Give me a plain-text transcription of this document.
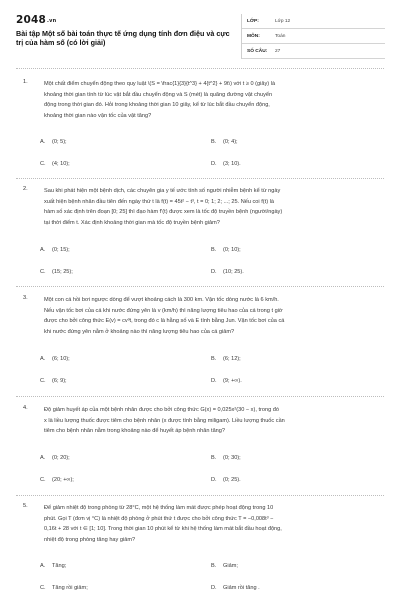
2048.vn
Bài tập Một số bài toán thực tế ứng dụng tính đơn điệu và cực trị của hàm số (có lời giải)
LỚP:	Lớp 12
MÔN:	Toán
SỐ CÂU:	27
1.	Một chất điểm chuyển động theo quy luật \(S = \frac{1}{3}{t^3} + 4{t^2} + 9t\) với t ≥ 0 (giây) là
khoảng thời gian tính từ lúc vật bắt đầu chuyển động và S (mét) là quãng đường vật chuyển
động trong thời gian đó. Hỏi trong khoảng thời gian 10 giây, kể từ lúc bắt đầu chuyển động,
khoảng thời gian nào vận tốc của vật tăng?
A. (0; 5);	B. (0; 4);
C. (4; 10);	D. (3; 10).
2.	Sau khi phát hiện một bệnh dịch, các chuyên gia y tế ước tính số người nhiễm bệnh kể từ ngày
xuất hiện bệnh nhân đầu tiên đến ngày thứ t là f(t) = 45t² − t³, t = 0; 1; 2; ...; 25. Nếu coi f(t) là
hàm số xác định trên đoạn [0; 25] thì đạo hàm f'(t) được xem là tốc độ truyền bệnh (người/ngày)
tại thời điểm t. Xác định khoảng thời gian mà tốc độ truyền bệnh giảm?
A. (0; 15);	B. (0; 10);
C. (15; 25);	D. (10; 25).
3.	Một con cá hồi bơi ngược dòng để vượt khoảng cách là 300 km. Vận tốc dòng nước là 6 km/h.
Nếu vận tốc bơi của cá khi nước đứng yên là v (km/h) thì năng lượng tiêu hao của cá trong t giờ
được cho bởi công thức E(v) = cv³t, trong đó c là hằng số và E tính bằng Jun. Vận tốc bơi của cá
khi nước đứng yên nằm ở khoảng nào thì năng lượng tiêu hao của cá giảm?
A. (6; 10);	B. (6; 12);
C. (6; 9);	D. (9; +∞).
4.	Độ giảm huyết áp của một bệnh nhân được cho bởi công thức G(x) = 0,025x²(30 − x), trong đó
x là liều lượng thuốc được tiêm cho bệnh nhân (x được tính bằng miligam). Liều lượng thuốc cần
tiêm cho bệnh nhân nằm trong khoảng nào để huyết áp bệnh nhân tăng?
A. (0; 20);	B. (0; 30);
C. (20; +∞);	D. (0; 25).
5.	Để giảm nhiệt độ trong phòng từ 28°C, một hệ thống làm mát được phép hoạt động trong 10
phút. Gọi T (đơn vị °C) là nhiệt độ phòng ở phút thứ t được cho bởi công thức T = −0,008t³ −
0,16t + 28 với t ∈ [1; 10]. Trong thời gian 10 phút kể từ khi hệ thống làm mát bắt đầu hoạt động,
nhiệt độ trong phòng tăng hay giảm?
A. Tăng;	B. Giảm;
C. Tăng rồi giảm;	D. Giảm rồi tăng .
